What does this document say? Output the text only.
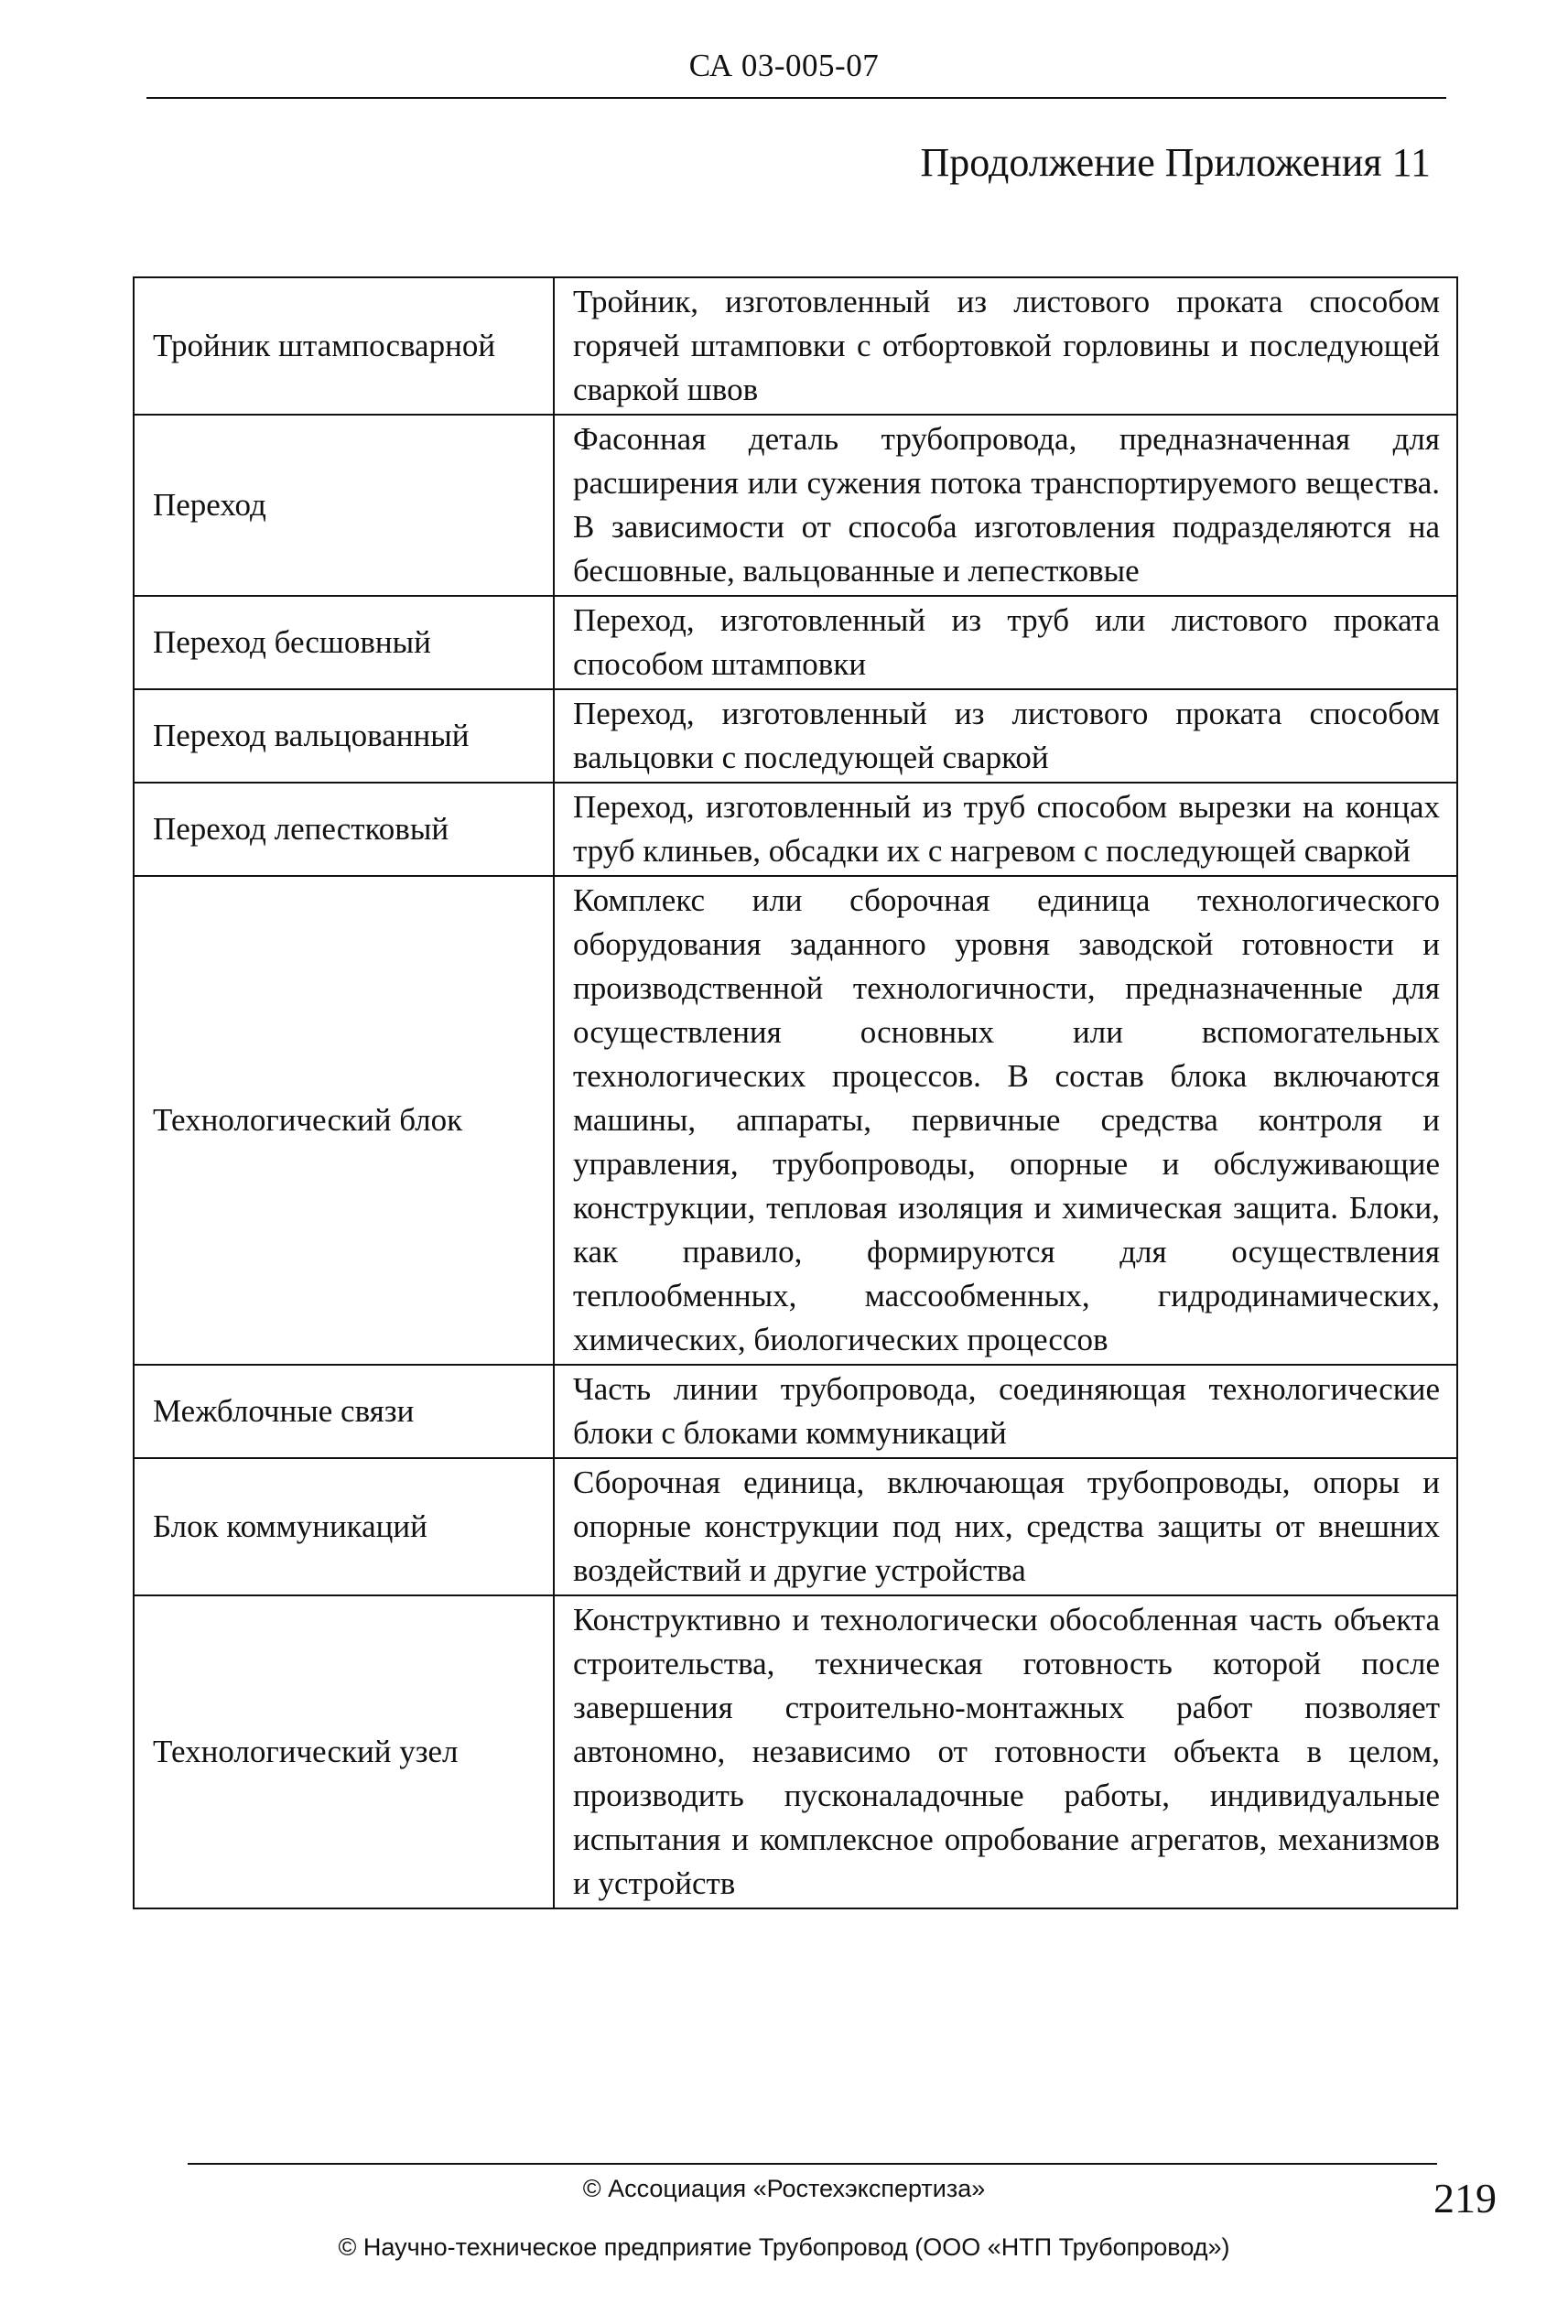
СА 03-005-07
Продолжение Приложения 11
Тройник штампосварной	Тройник, изготовленный из листового проката способом горячей штамповки с отбортовкой горловины и последующей сваркой швов
Переход	Фасонная деталь трубопровода, предназначенная для расширения или сужения потока транспортируемого вещества. В зависимости от способа изготовления подразделяются на бесшовные, вальцованные и лепестковые
Переход бесшовный	Переход, изготовленный из труб или листового проката способом штамповки
Переход вальцованный	Переход, изготовленный из листового проката способом вальцовки с последующей сваркой
Переход лепестковый	Переход, изготовленный из труб способом вырезки на концах труб клиньев, обсадки их с нагревом с последующей сваркой
Технологический блок	Комплекс или сборочная единица технологического оборудования заданного уровня заводской готовности и производственной технологичности, предназначенные для осуществления основных или вспомогательных технологических процессов. В состав блока включаются машины, аппараты, первичные средства контроля и управления, трубопроводы, опорные и обслуживающие конструкции, тепловая изоляция и химическая защита. Блоки, как правило, формируются для осуществления теплообменных, массообменных, гидродинамических, химических, биологических процессов
Межблочные связи	Часть линии трубопровода, соединяющая технологические блоки с блоками коммуникаций
Блок коммуникаций	Сборочная единица, включающая трубопроводы, опоры и опорные конструкции под них, средства защиты от внешних воздействий и другие устройства
Технологический узел	Конструктивно и технологически обособленная часть объекта строительства, техническая готовность которой после завершения строительно-монтажных работ позволяет автономно, независимо от готовности объекта в целом, производить пусконаладочные работы, индивидуальные испытания и комплексное опробование агрегатов, механизмов и устройств
© Ассоциация «Ростехэкспертиза»
© Научно-техническое предприятие Трубопровод (ООО «НТП Трубопровод»)
219
